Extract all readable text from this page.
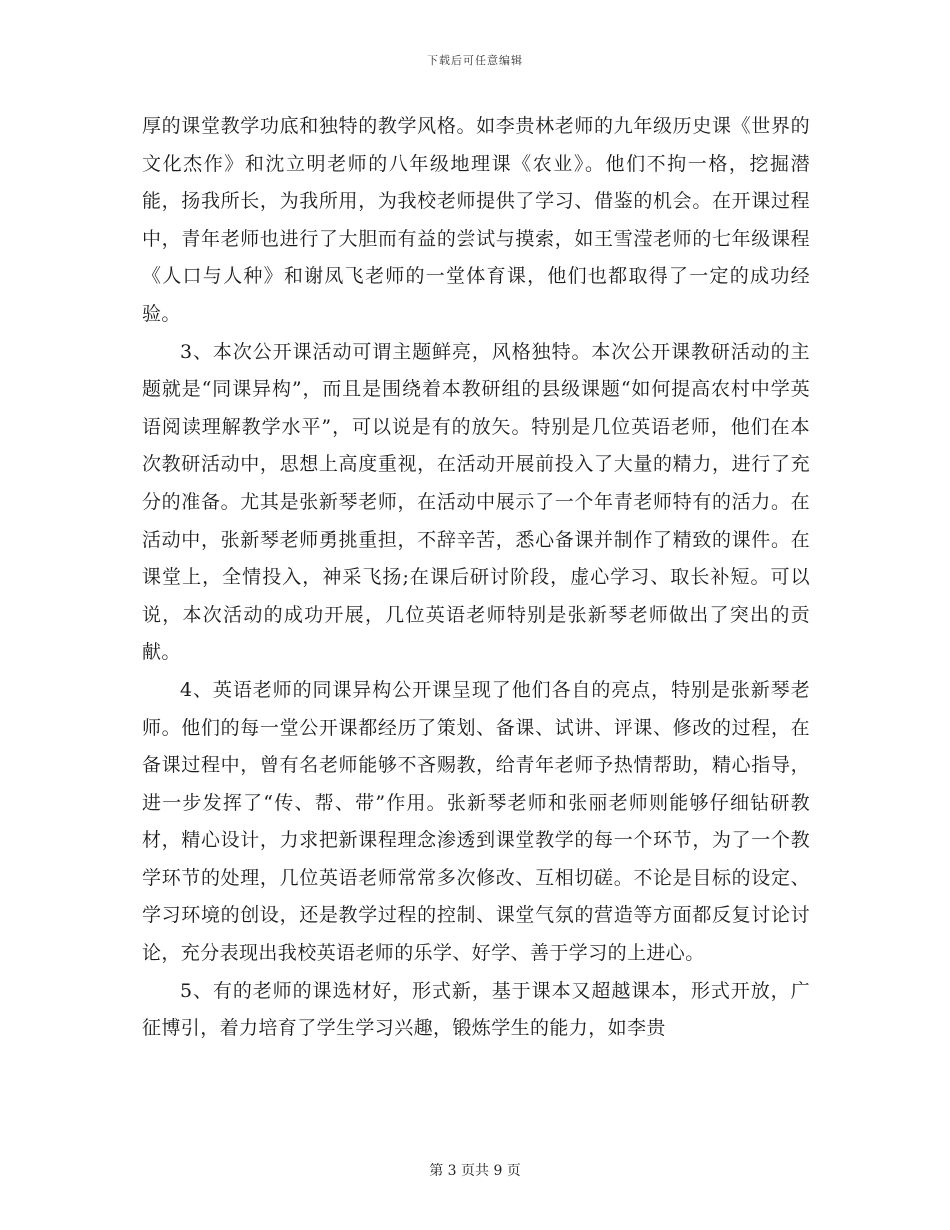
下载后可任意编辑

厚的课堂教学功底和独特的教学风格。如李贵林老师的九年级历史课《世界的文化杰作》和沈立明老师的八年级地理课《农业》。他们不拘一格，挖掘潜能，扬我所长，为我所用，为我校老师提供了学习、借鉴的机会。在开课过程中，青年老师也进行了大胆而有益的尝试与摸索，如王雪滢老师的七年级课程《人口与人种》和谢凤飞老师的一堂体育课，他们也都取得了一定的成功经验。

3、本次公开课活动可谓主题鲜亮，风格独特。本次公开课教研活动的主题就是“同课异构”，而且是围绕着本教研组的县级课题“如何提高农村中学英语阅读理解教学水平”，可以说是有的放矢。特别是几位英语老师，他们在本次教研活动中，思想上高度重视，在活动开展前投入了大量的精力，进行了充分的准备。尤其是张新琴老师，在活动中展示了一个年青老师特有的活力。在活动中，张新琴老师勇挑重担，不辞辛苦，悉心备课并制作了精致的课件。在课堂上，全情投入，神采飞扬;在课后研讨阶段，虚心学习、取长补短。可以说，本次活动的成功开展，几位英语老师特别是张新琴老师做出了突出的贡献。

4、英语老师的同课异构公开课呈现了他们各自的亮点，特别是张新琴老师。他们的每一堂公开课都经历了策划、备课、试讲、评课、修改的过程，在备课过程中，曾有名老师能够不吝赐教，给青年老师予热情帮助，精心指导，进一步发挥了“传、帮、带”作用。张新琴老师和张丽老师则能够仔细钻研教材，精心设计，力求把新课程理念渗透到课堂教学的每一个环节，为了一个教学环节的处理，几位英语老师常常多次修改、互相切磋。不论是目标的设定、学习环境的创设，还是教学过程的控制、课堂气氛的营造等方面都反复讨论讨论，充分表现出我校英语老师的乐学、好学、善于学习的上进心。

5、有的老师的课选材好，形式新，基于课本又超越课本，形式开放，广征博引，着力培育了学生学习兴趣，锻炼学生的能力，如李贵

第 3 页共 9 页
